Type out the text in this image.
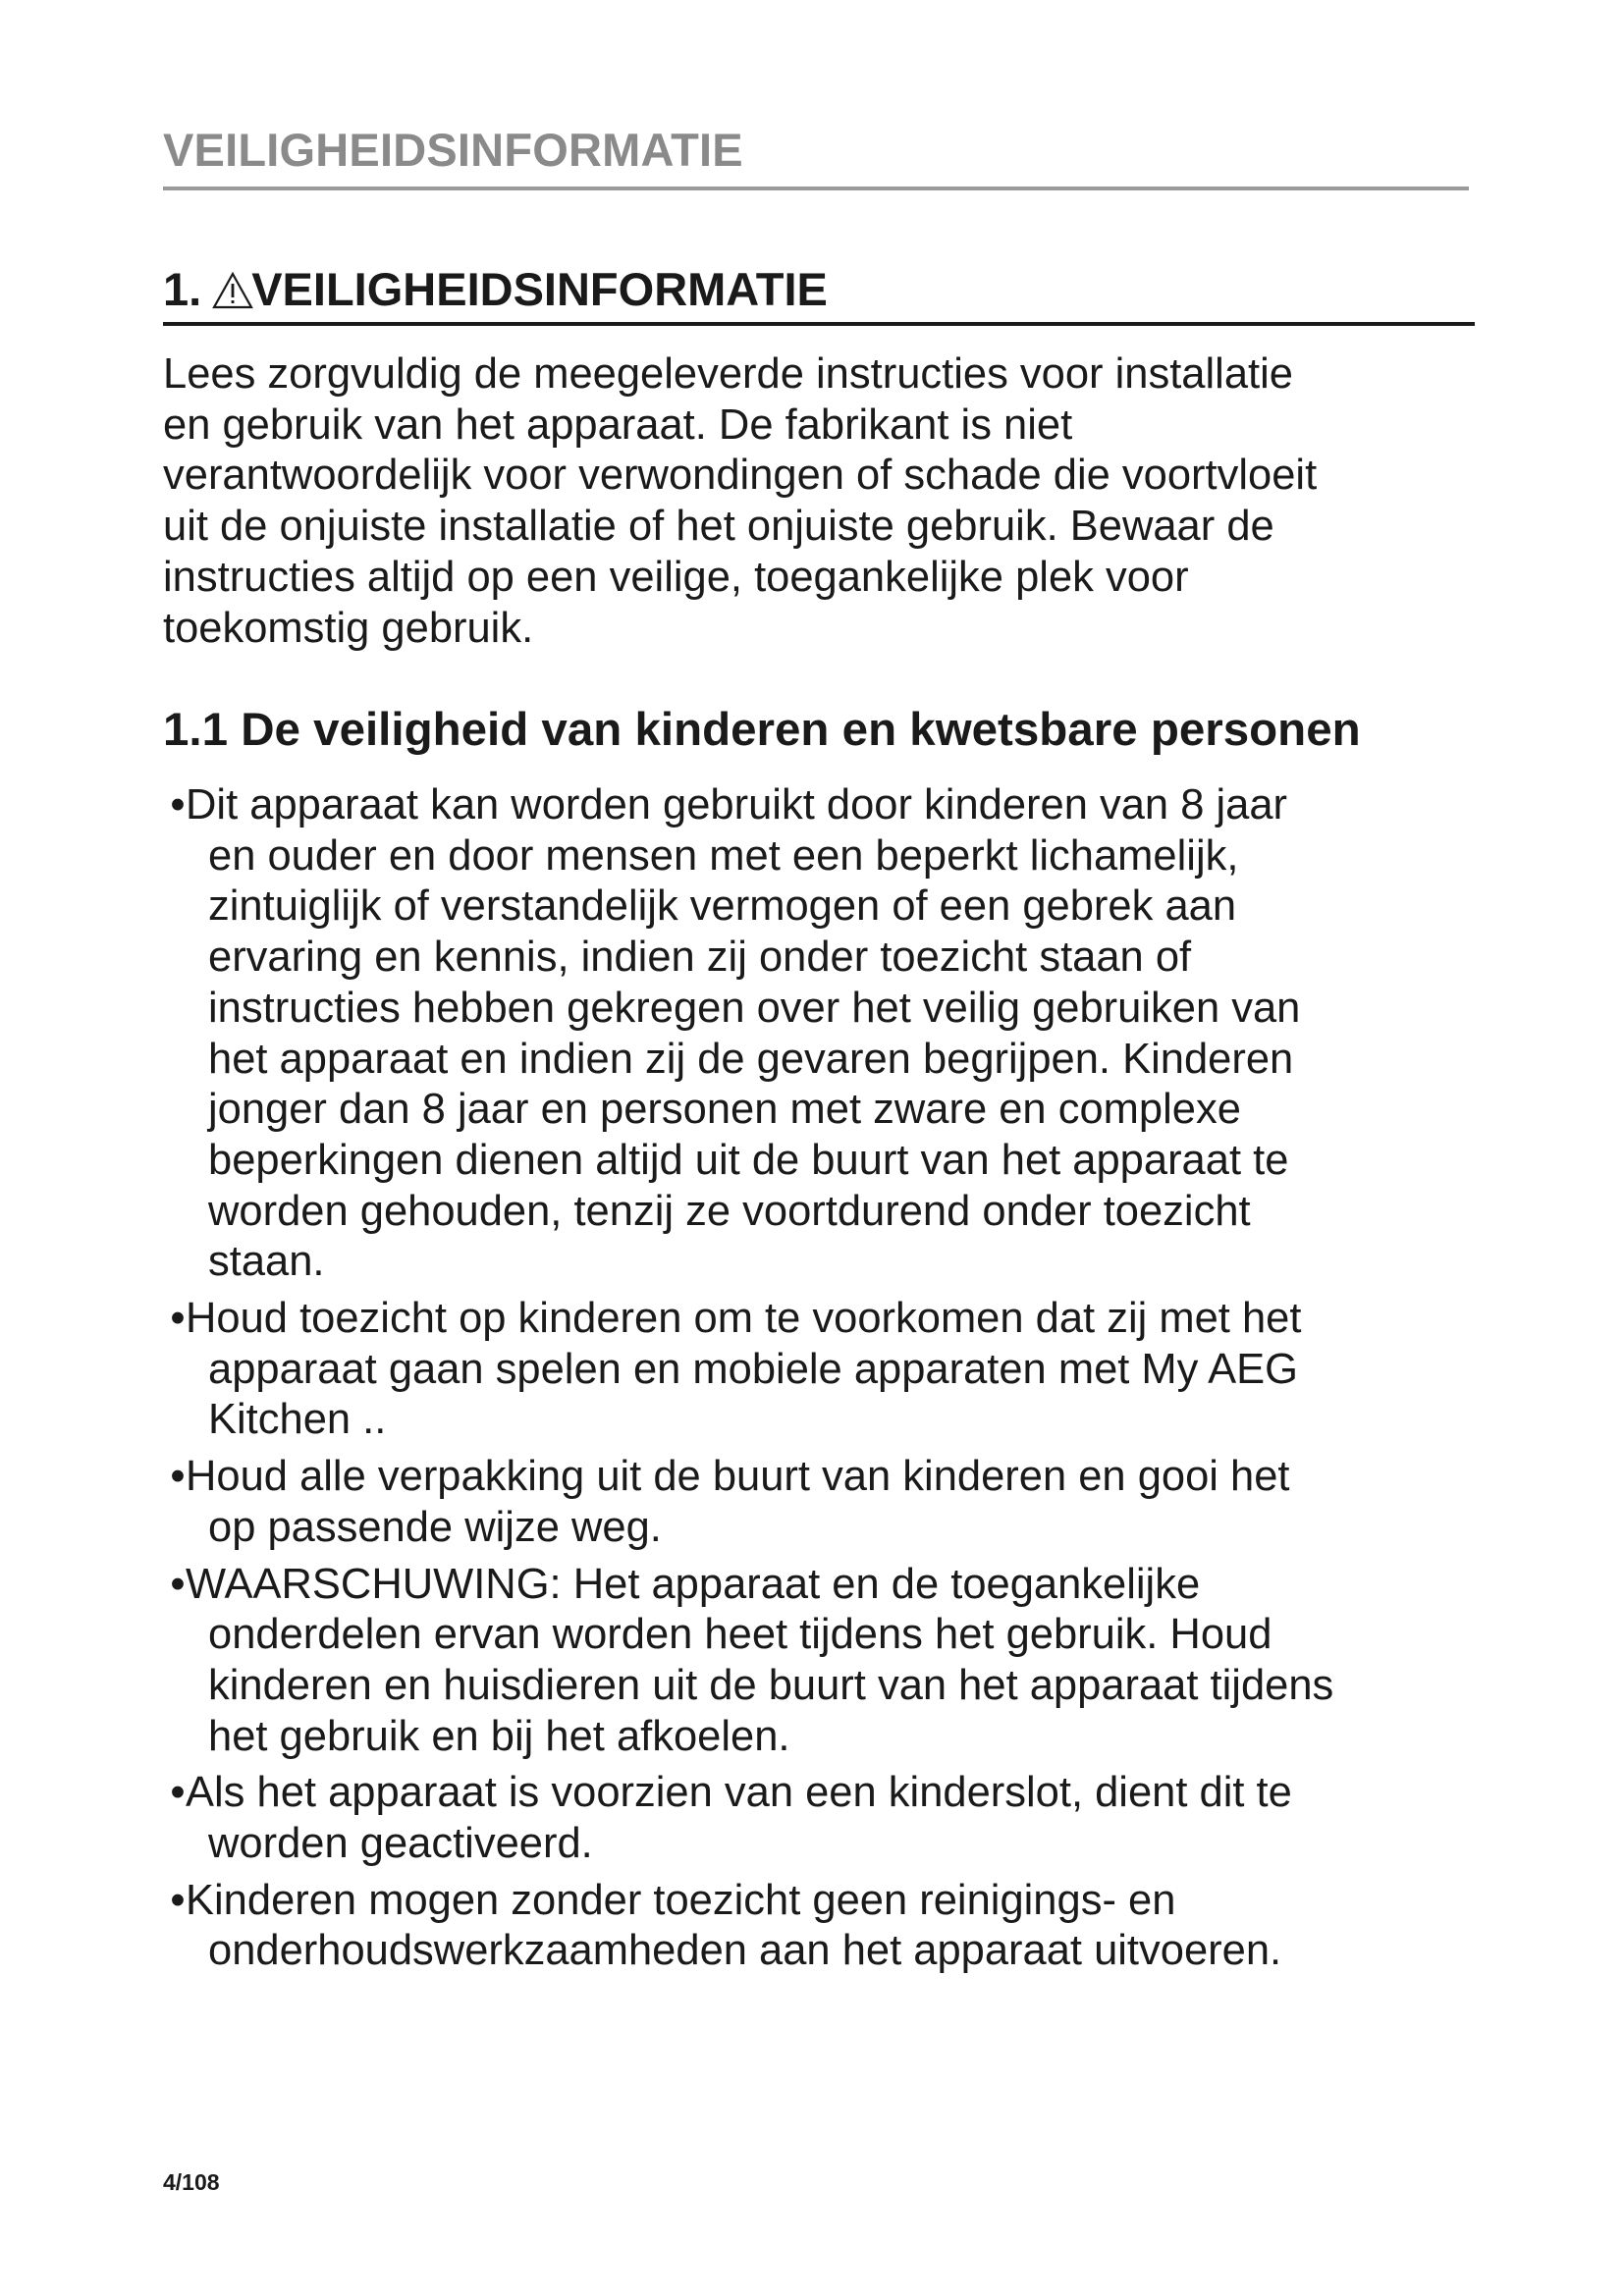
VEILIGHEIDSINFORMATIE
1. VEILIGHEIDSINFORMATIE
Lees zorgvuldig de meegeleverde instructies voor installatie
en gebruik van het apparaat. De fabrikant is niet
verantwoordelijk voor verwondingen of schade die voortvloeit
uit de onjuiste installatie of het onjuiste gebruik. Bewaar de
instructies altijd op een veilige, toegankelijke plek voor
toekomstig gebruik.
1.1 De veiligheid van kinderen en kwetsbare personen
• Dit apparaat kan worden gebruikt door kinderen van 8 jaar
en ouder en door mensen met een beperkt lichamelijk,
zintuiglijk of verstandelijk vermogen of een gebrek aan
ervaring en kennis, indien zij onder toezicht staan of
instructies hebben gekregen over het veilig gebruiken van
het apparaat en indien zij de gevaren begrijpen. Kinderen
jonger dan 8 jaar en personen met zware en complexe
beperkingen dienen altijd uit de buurt van het apparaat te
worden gehouden, tenzij ze voortdurend onder toezicht
staan.
• Houd toezicht op kinderen om te voorkomen dat zij met het
apparaat gaan spelen en mobiele apparaten met My AEG
Kitchen ..
• Houd alle verpakking uit de buurt van kinderen en gooi het
op passende wijze weg.
• WAARSCHUWING: Het apparaat en de toegankelijke
onderdelen ervan worden heet tijdens het gebruik. Houd
kinderen en huisdieren uit de buurt van het apparaat tijdens
het gebruik en bij het afkoelen.
• Als het apparaat is voorzien van een kinderslot, dient dit te
worden geactiveerd.
• Kinderen mogen zonder toezicht geen reinigings- en
onderhoudswerkzaamheden aan het apparaat uitvoeren.
4/108
